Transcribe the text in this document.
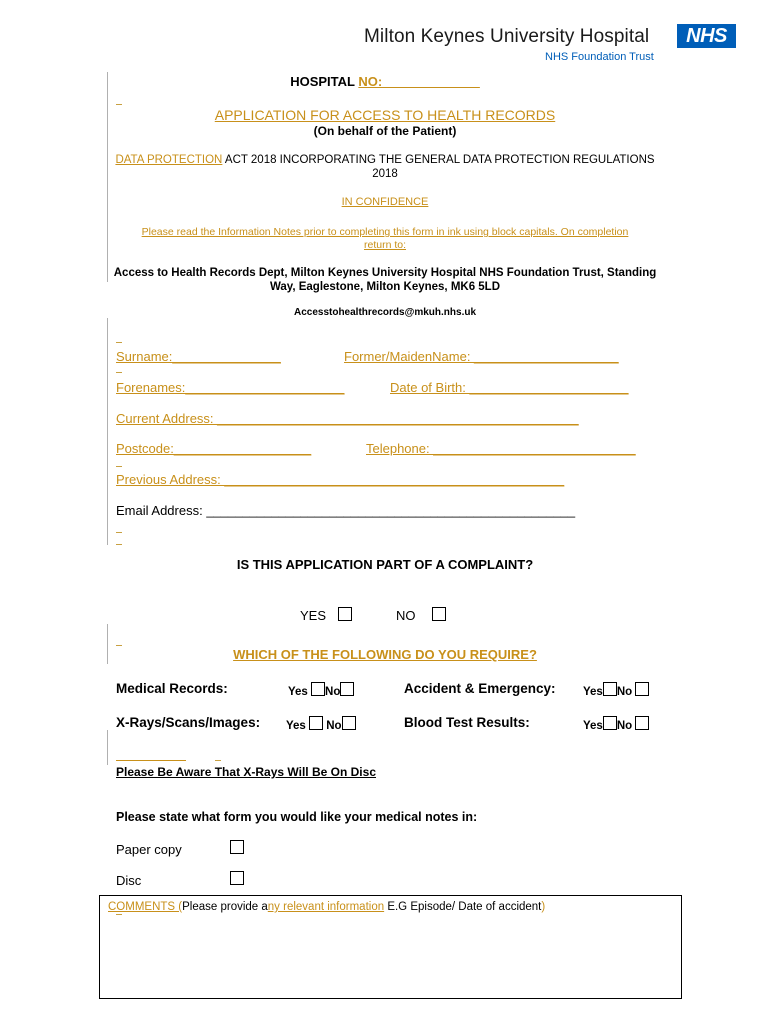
Milton Keynes University Hospital
NHS Foundation Trust
NHS
HOSPITAL NO: _____________
APPLICATION FOR ACCESS TO HEALTH RECORDS
(On behalf of the Patient)
DATA PROTECTION ACT 2018 INCORPORATING THE GENERAL DATA PROTECTION REGULATIONS 2018
IN CONFIDENCE
Please read the Information Notes prior to completing this form in ink using block capitals. On completion return to:
Access to Health Records Dept, Milton Keynes University Hospital NHS Foundation Trust, Standing Way, Eaglestone, Milton Keynes, MK6 5LD
Accesstohealthrecords@mkuh.nhs.uk
Surname:_______________	Former/MaidenName: ____________________
Forenames:______________________	Date of Birth: ______________________
Current Address: __________________________________________________
Postcode:___________________	Telephone: ____________________________
Previous Address: _______________________________________________
Email Address: ___________________________________________________
IS THIS APPLICATION PART OF A COMPLAINT?
YES	NO
WHICH OF THE FOLLOWING DO YOU REQUIRE?
Medical Records:	Yes No	Accident & Emergency: Yes No
X-Rays/Scans/Images: Yes No	Blood Test Results:	Yes No
Please Be Aware That X-Rays Will Be On Disc
Please state what form you would like your medical notes in:
Paper copy
Disc
COMMENTS (Please provide any relevant information E.G Episode/ Date of accident)
